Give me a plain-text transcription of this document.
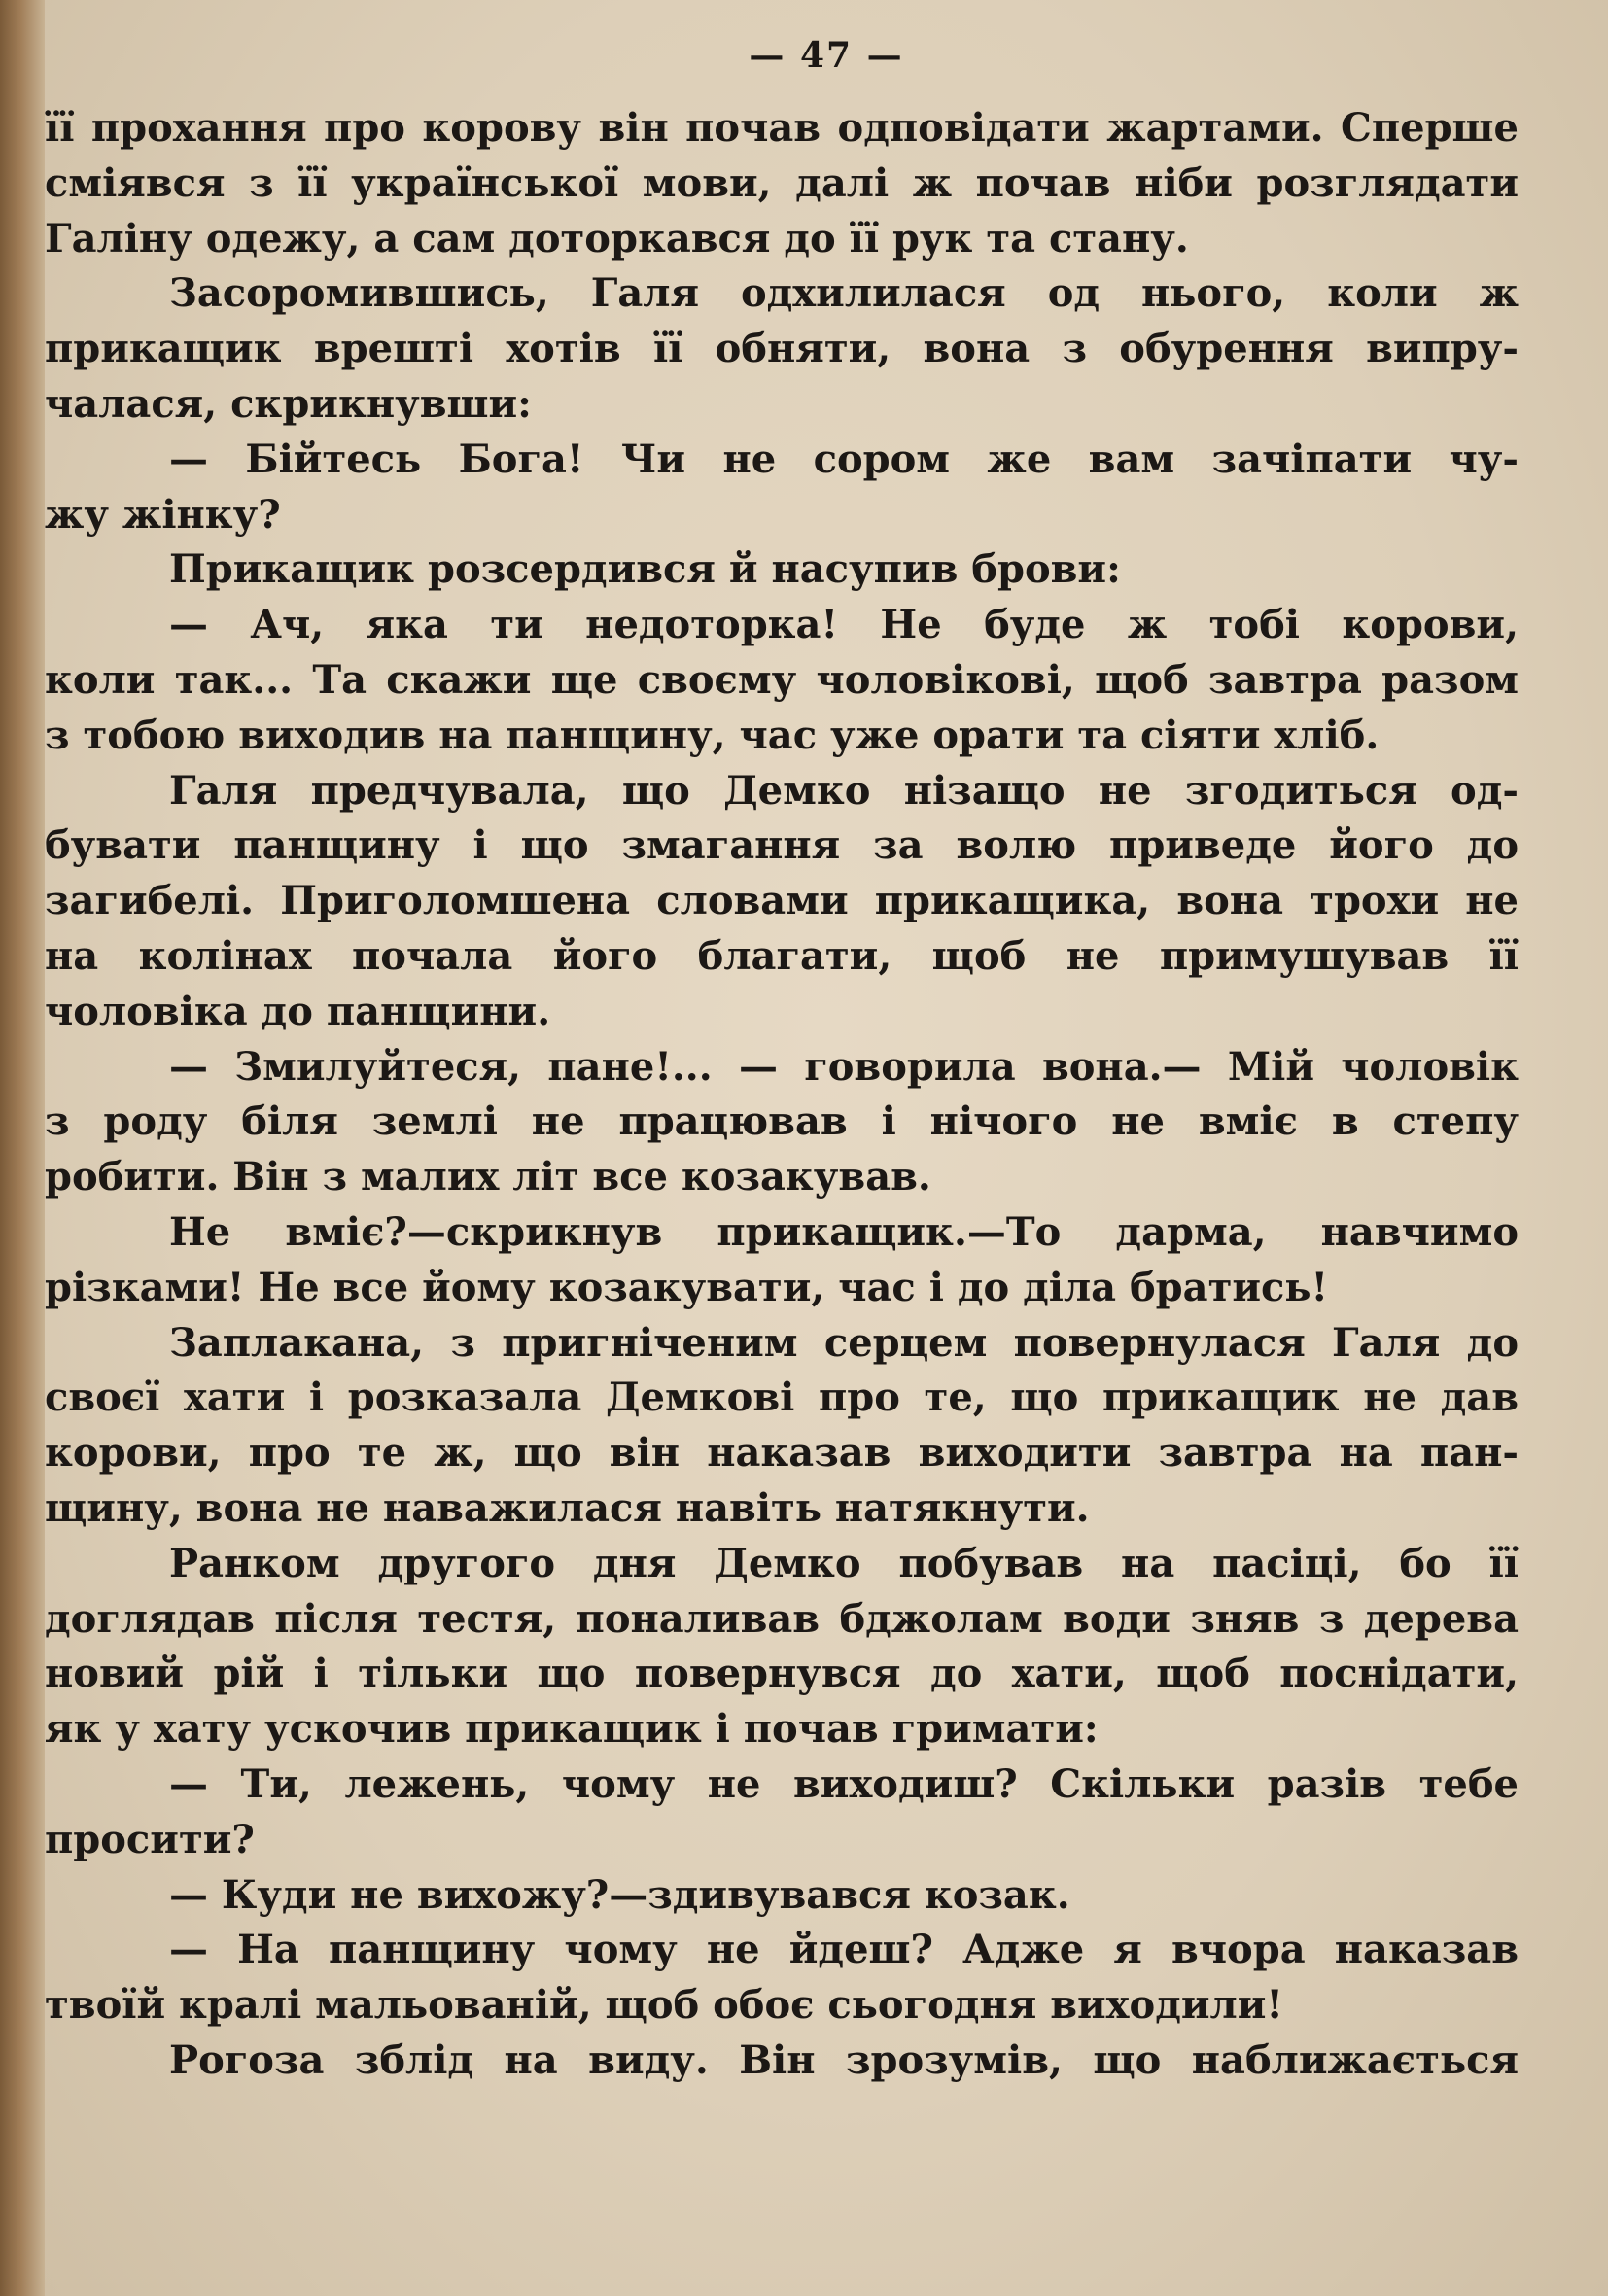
— 47 —
її прохання про корову він почав одповідати жартами. Спершe
сміявся з її української мови, далі ж почав ніби розглядати
Галіну одежу, а сам доторкався до її рук та стану.
Засоромившись, Галя одхилилася од нього, коли ж
прикащик врешті хотів її обняти, вона з обурення випру-
чалася, скрикнувши:
— Бійтесь Бога! Чи не сором же вам зачіпати чу-
жу жінку?
Прикащик розсердився й насупив брови:
— Ач, яка ти недоторка! Не буде ж тобі корови,
коли так... Та скажи ще своєму чоловікові, щоб завтра разом
з тобою виходив на панщину, час уже орати та сіяти хліб.
Галя предчувала, що Демко нізащо не згодиться од-
бувати панщину і що змагання за волю приведе його до
загибелі. Приголомшена словами прикащика, вона трохи не
на колінах почала його благати, щоб не примушував її
чоловіка до панщини.
— Змилуйтеся, пане!... — говорила вона.— Мій чоловік
з роду біля землі не працював і нічого не вміє в степу
робити. Він з малих літ все козакував.
Не вміє?—скрикнув прикащик.—То дарма, навчимо
різками! Не все йому козакувати, час і до діла братись!
Заплакана, з пригніченим серцем повернулася Галя до
своєї хати і розказала Демкові про те, що прикащик не дав
корови, про те ж, що він наказав виходити завтра на пан-
щину, вона не наважилася навіть натякнути.
Ранком другого дня Демко побував на пасіці, бо її
доглядав після тестя, поналивав бджолам води зняв з дерева
новий рій і тільки що повернувся до хати, щоб поснідати,
як у хату ускочив прикащик і почав гримати:
— Ти, лежень, чому не виходиш? Скільки разів тебе
просити?
— Куди не вихожу?—здивувався козак.
— На панщину чому не йдеш? Адже я вчора наказав
твоїй кралі мальованій, щоб обоє сьогодня виходили!
Рогоза зблід на виду. Він зрозумів, що наближається
